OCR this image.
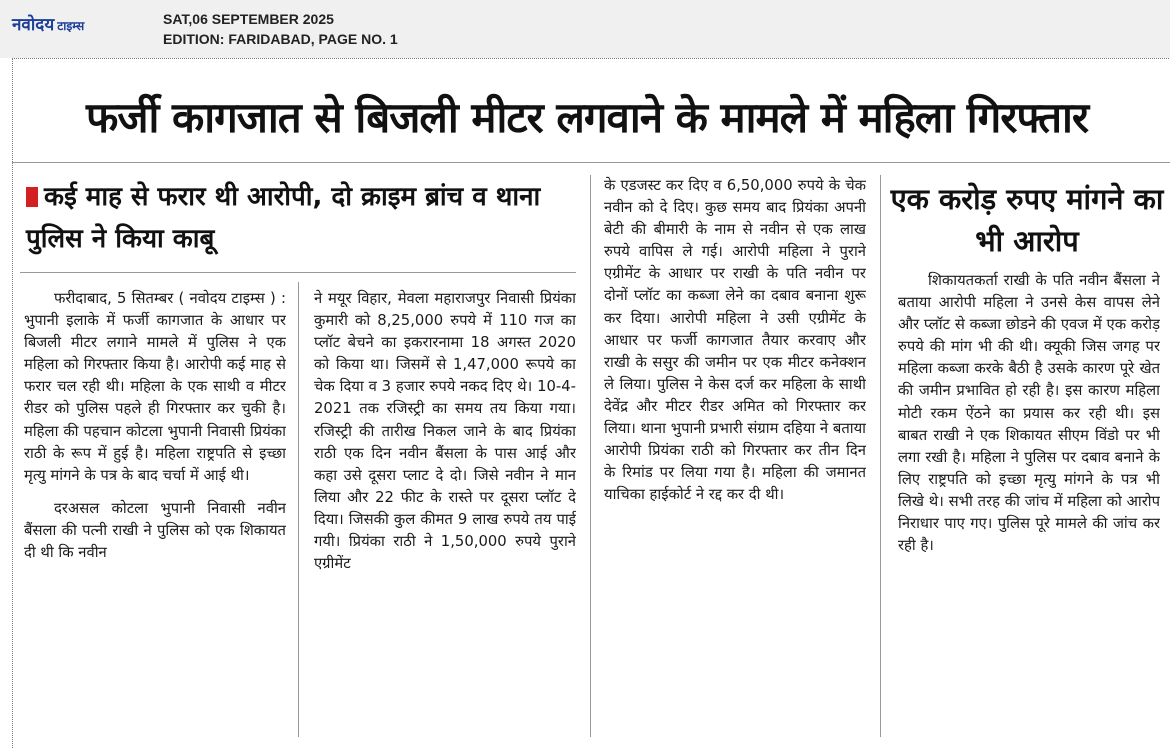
नवोदय टाइम्स	SAT,06 SEPTEMBER 2025
EDITION: FARIDABAD, PAGE NO. 1
फर्जी कागजात से बिजली मीटर लगवाने के मामले में महिला गिरफ्तार
कई माह से फरार थी आरोपी, दो क्राइम ब्रांच व थाना पुलिस ने किया काबू

फरीदाबाद, 5 सितम्बर ( नवोदय टाइम्स ) : भुपानी इलाके में फर्जी कागजात के आधार पर बिजली मीटर लगाने मामले में पुलिस ने एक महिला को गिरफ्तार किया है। आरोपी कई माह से फरार चल रही थी। महिला के एक साथी व मीटर रीडर को पुलिस पहले ही गिरफ्तार कर चुकी है। महिला की पहचान कोटला भुपानी निवासी प्रियंका राठी के रूप में हुई है। महिला राष्ट्रपति से इच्छा मृत्यु मांगने के पत्र के बाद चर्चा में आई थी।

दरअसल कोटला भुपानी निवासी नवीन बैंसला की पत्नी राखी ने पुलिस को एक शिकायत दी थी कि नवीन

ने मयूर विहार, मेवला महाराजपुर निवासी प्रियंका कुमारी को 8,25,000 रुपये में 110 गज का प्लॉट बेचने का इकरारनामा 18 अगस्त 2020 को किया था। जिसमें से 1,47,000 रूपये का चेक दिया व 3 हजार रुपये नकद दिए थे। 10-4-2021 तक रजिस्ट्री का समय तय किया गया। रजिस्ट्री की तारीख निकल जाने के बाद प्रियंका राठी एक दिन नवीन बैंसला के पास आई और कहा उसे दूसरा प्लाट दे दो। जिसे नवीन ने मान लिया और 22 फीट के रास्ते पर दूसरा प्लॉट दे दिया। जिसकी कुल कीमत 9 लाख रुपये तय पाई गयी। प्रियंका राठी ने 1,50,000 रुपये पुराने एग्रीमेंट

के एडजस्ट कर दिए व 6,50,000 रुपये के चेक नवीन को दे दिए। कुछ समय बाद प्रियंका अपनी बेटी की बीमारी के नाम से नवीन से एक लाख रुपये वापिस ले गई। आरोपी महिला ने पुराने एग्रीमेंट के आधार पर राखी के पति नवीन पर दोनों प्लॉट का कब्जा लेने का दबाव बनाना शुरू कर दिया। आरोपी महिला ने उसी एग्रीमेंट के आधार पर फर्जी कागजात तैयार करवाए और राखी के ससुर की जमीन पर एक मीटर कनेक्शन ले लिया। पुलिस ने केस दर्ज कर महिला के साथी देवेंद्र और मीटर रीडर अमित को गिरफ्तार कर लिया। थाना भुपानी प्रभारी संग्राम दहिया ने बताया आरोपी प्रियंका राठी को गिरफ्तार कर तीन दिन के रिमांड पर लिया गया है। महिला की जमानत याचिका हाईकोर्ट ने रद्द कर दी थी।

एक करोड़ रुपए मांगने का भी आरोप

शिकायतकर्ता राखी के पति नवीन बैंसला ने बताया आरोपी महिला ने उनसे केस वापस लेने और प्लॉट से कब्जा छोडने की एवज में एक करोड़ रुपये की मांग भी की थी। क्यूकी जिस जगह पर महिला कब्जा करके बैठी है उसके कारण पूरे खेत की जमीन प्रभावित हो रही है। इस कारण महिला मोटी रकम ऐंठने का प्रयास कर रही थी। इस बाबत राखी ने एक शिकायत सीएम विंडो पर भी लगा रखी है। महिला ने पुलिस पर दबाव बनाने के लिए राष्ट्रपति को इच्छा मृत्यु मांगने के पत्र भी लिखे थे। सभी तरह की जांच में महिला को आरोप निराधार पाए गए। पुलिस पूरे मामले की जांच कर रही है।
